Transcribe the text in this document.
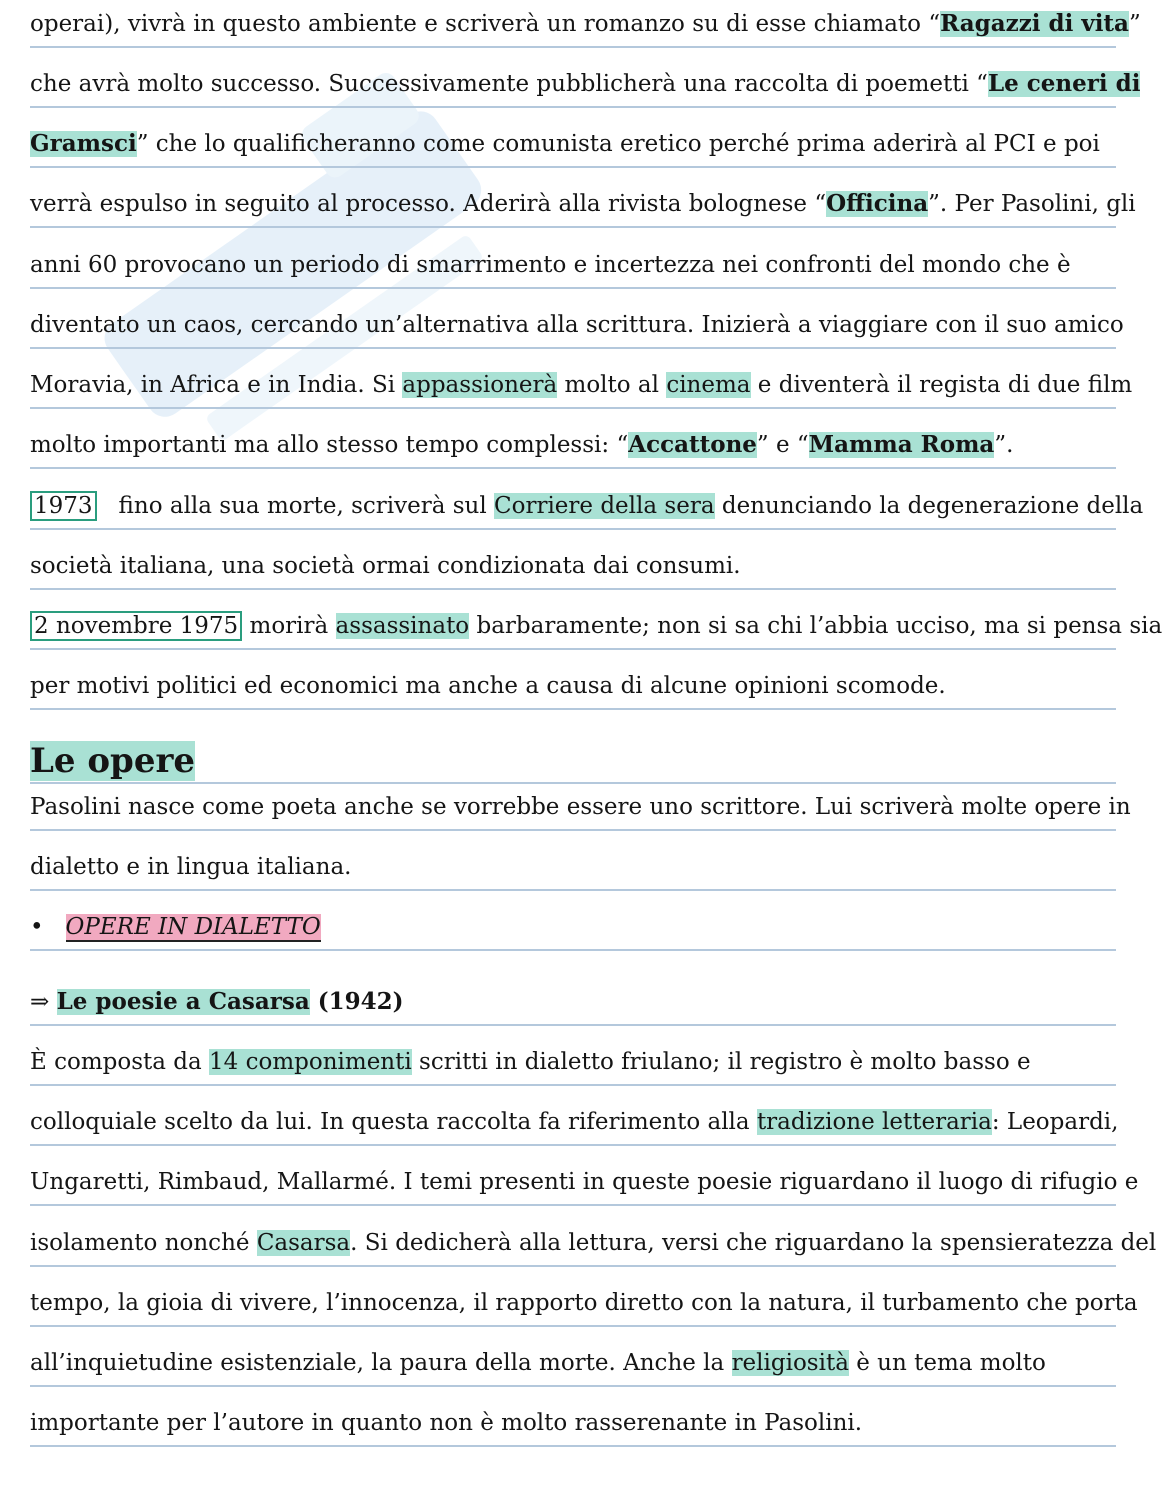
operai), vivrà in questo ambiente e scriverà un romanzo su di esse chiamato “Ragazzi di vita”
che avrà molto successo. Successivamente pubblicherà una raccolta di poemetti “Le ceneri di
Gramsci” che lo qualificheranno come comunista eretico perché prima aderirà al PCI e poi
verrà espulso in seguito al processo. Aderirà alla rivista bolognese “Officina”. Per Pasolini, gli
anni 60 provocano un periodo di smarrimento e incertezza nei confronti del mondo che è
diventato un caos, cercando un’alternativa alla scrittura. Inizierà a viaggiare con il suo amico
Moravia, in Africa e in India. Si appassionerà molto al cinema e diventerà il regista di due film
molto importanti ma allo stesso tempo complessi: “Accattone” e “Mamma Roma”.
1973 fino alla sua morte, scriverà sul Corriere della sera denunciando la degenerazione della
società italiana, una società ormai condizionata dai consumi.
2 novembre 1975 morirà assassinato barbaramente; non si sa chi l’abbia ucciso, ma si pensa sia
per motivi politici ed economici ma anche a causa di alcune opinioni scomode.
Le opere
Pasolini nasce come poeta anche se vorrebbe essere uno scrittore. Lui scriverà molte opere in
dialetto e in lingua italiana.
• OPERE IN DIALETTO
⇒ Le poesie a Casarsa (1942)
È composta da 14 componimenti scritti in dialetto friulano; il registro è molto basso e
colloquiale scelto da lui. In questa raccolta fa riferimento alla tradizione letteraria: Leopardi,
Ungaretti, Rimbaud, Mallarmé. I temi presenti in queste poesie riguardano il luogo di rifugio e
isolamento nonché Casarsa. Si dedicherà alla lettura, versi che riguardano la spensieratezza del
tempo, la gioia di vivere, l’innocenza, il rapporto diretto con la natura, il turbamento che porta
all’inquietudine esistenziale, la paura della morte. Anche la religiosità è un tema molto
importante per l’autore in quanto non è molto rasserenante in Pasolini.
